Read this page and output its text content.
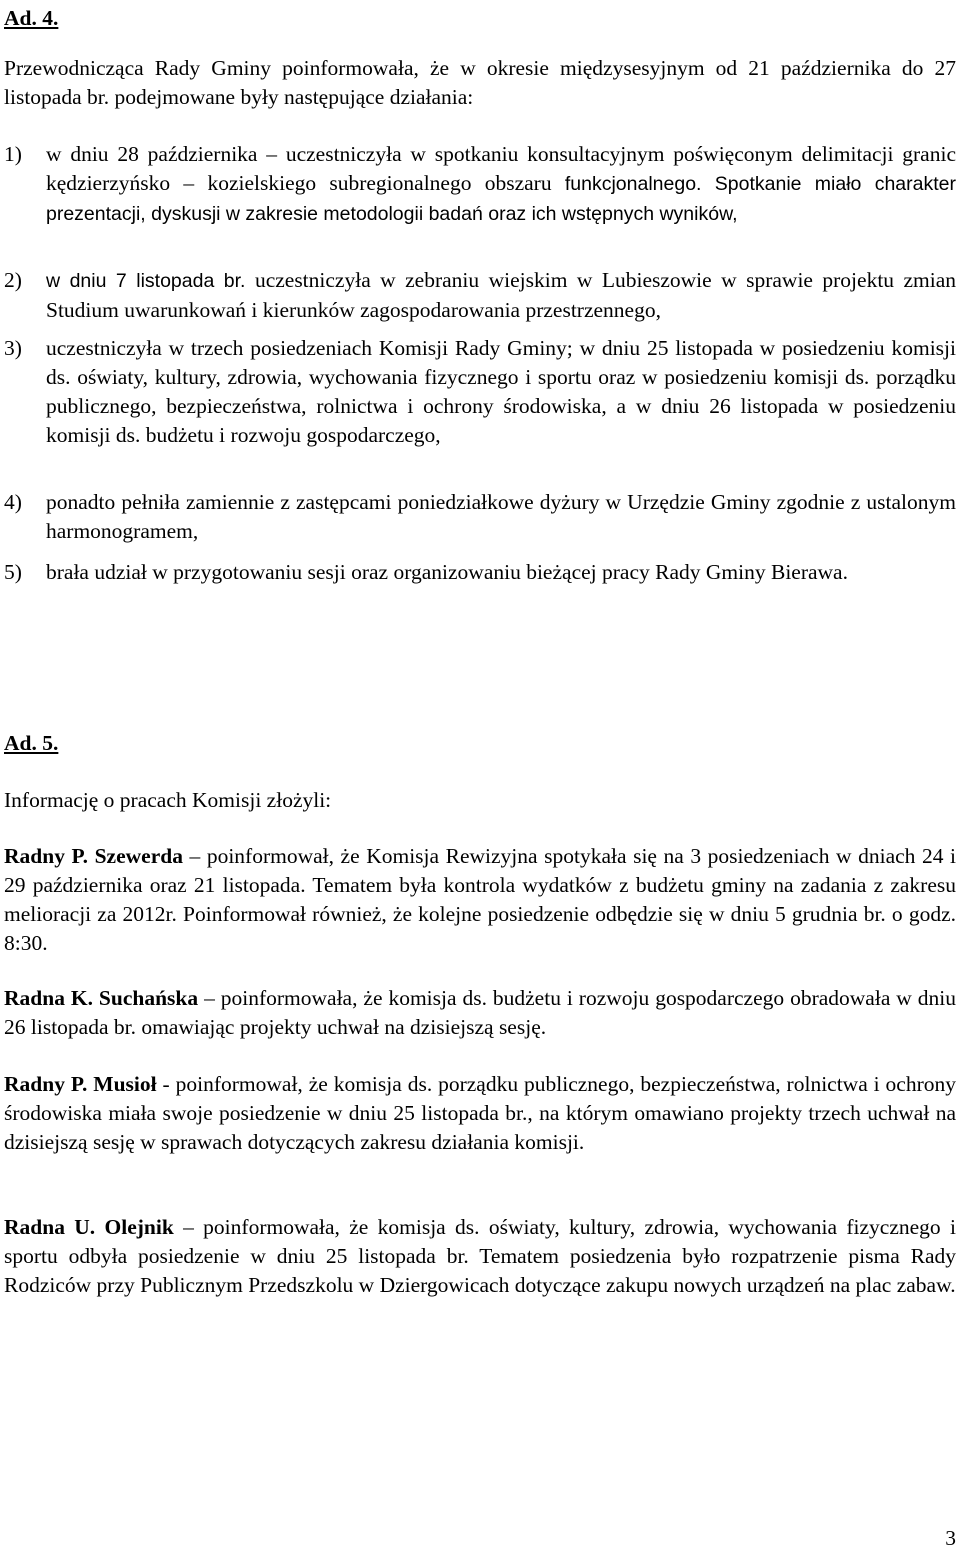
Ad. 4.

Przewodnicząca Rady Gminy poinformowała, że w okresie międzysesyjnym od 21 października do 27 listopada br. podejmowane były następujące działania:

1)	w dniu 28 października – uczestniczyła w spotkaniu konsultacyjnym poświęconym delimitacji granic kędzierzyńsko – kozielskiego subregionalnego obszaru funkcjonalnego. Spotkanie miało charakter prezentacji, dyskusji w zakresie metodologii badań oraz ich wstępnych wyników,
2)	w dniu 7 listopada br. uczestniczyła w zebraniu wiejskim w Lubieszowie w sprawie projektu zmian Studium uwarunkowań i kierunków zagospodarowania przestrzennego,
3)	uczestniczyła w trzech posiedzeniach Komisji Rady Gminy; w dniu 25 listopada w posiedzeniu komisji ds. oświaty, kultury, zdrowia, wychowania fizycznego i sportu oraz w posiedzeniu komisji ds. porządku publicznego, bezpieczeństwa, rolnictwa i ochrony środowiska, a w dniu 26 listopada w posiedzeniu komisji ds. budżetu i rozwoju gospodarczego,
4)	ponadto pełniła zamiennie z zastępcami poniedziałkowe dyżury w Urzędzie Gminy zgodnie z ustalonym harmonogramem,
5)	brała udział w przygotowaniu sesji oraz organizowaniu bieżącej pracy Rady Gminy Bierawa.
Ad. 5.

Informację o pracach Komisji złożyli:

Radny P. Szewerda – poinformował, że Komisja Rewizyjna spotykała się na 3 posiedzeniach w dniach 24 i 29 października oraz 21 listopada. Tematem była kontrola wydatków z budżetu gminy na zadania z zakresu melioracji za 2012r. Poinformował również, że kolejne posiedzenie odbędzie się w dniu 5 grudnia br. o godz. 8:30.

Radna K. Suchańska – poinformowała, że komisja ds. budżetu i rozwoju gospodarczego obradowała w dniu 26 listopada br. omawiając projekty uchwał na dzisiejszą sesję.

Radny P. Musioł - poinformował, że komisja ds. porządku publicznego, bezpieczeństwa, rolnictwa i ochrony środowiska miała swoje posiedzenie w dniu 25 listopada br., na którym omawiano projekty trzech uchwał na dzisiejszą sesję w sprawach dotyczących zakresu działania komisji.

Radna U. Olejnik – poinformowała, że komisja ds. oświaty, kultury, zdrowia, wychowania fizycznego i sportu odbyła posiedzenie w dniu 25 listopada br. Tematem posiedzenia było rozpatrzenie pisma Rady Rodziców przy Publicznym Przedszkolu w Dziergowicach dotyczące zakupu nowych urządzeń na plac zabaw.

3
